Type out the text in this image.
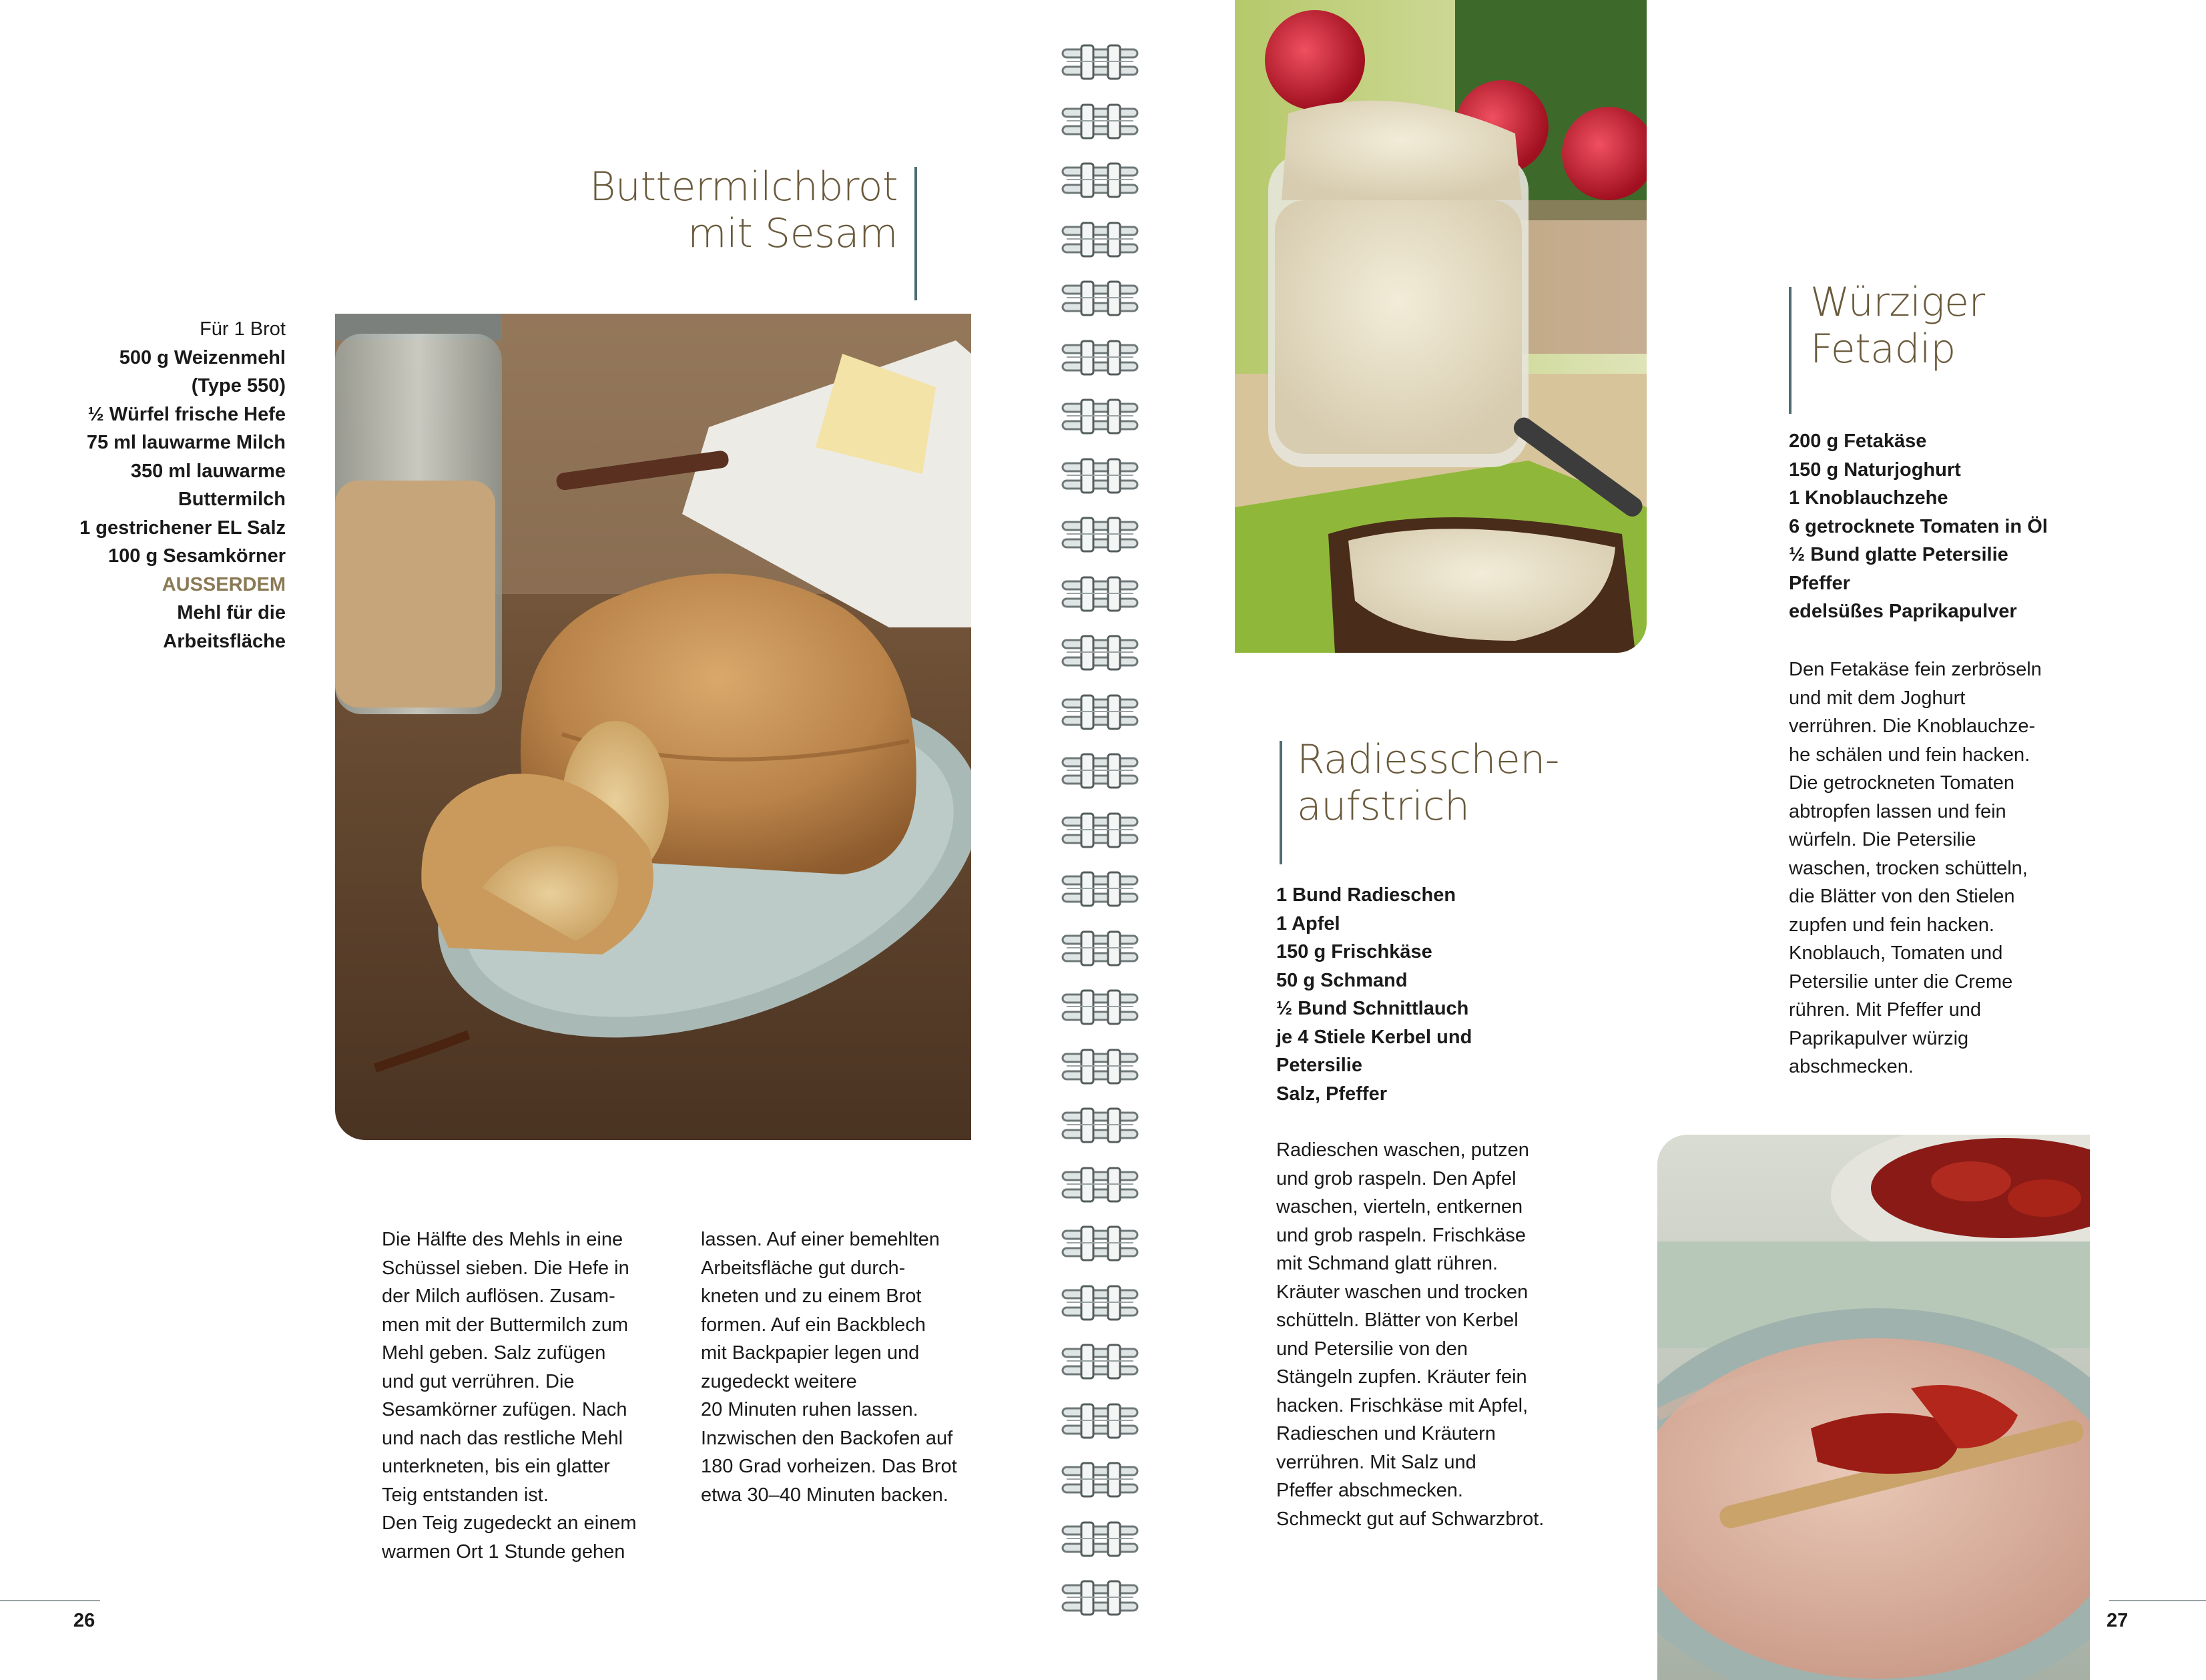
Buttermilchbrot
mit Sesam
Für 1 Brot
500 g Weizenmehl
(Type 550)
½ Würfel frische Hefe
75 ml lauwarme Milch
350 ml lauwarme
Buttermilch
1 gestrichener EL Salz
100 g Sesamkörner
AUSSERDEM
Mehl für die
Arbeitsfläche
Die Hälfte des Mehls in eine
Schüssel sieben. Die Hefe in
der Milch auflösen. Zusam-
men mit der Buttermilch zum
Mehl geben. Salz zufügen
und gut verrühren. Die
Sesamkörner zufügen. Nach
und nach das restliche Mehl
unterkneten, bis ein glatter
Teig entstanden ist.
Den Teig zugedeckt an einem
warmen Ort 1 Stunde gehen
lassen. Auf einer bemehlten
Arbeitsfläche gut durch-
kneten und zu einem Brot
formen. Auf ein Backblech
mit Backpapier legen und
zugedeckt weitere
20 Minuten ruhen lassen.
Inzwischen den Backofen auf
180 Grad vorheizen. Das Brot
etwa 30–40 Minuten backen.
26
Radiesschen-
aufstrich
1 Bund Radieschen
1 Apfel
150 g Frischkäse
50 g Schmand
½ Bund Schnittlauch
je 4 Stiele Kerbel und
Petersilie
Salz, Pfeffer
Radieschen waschen, putzen
und grob raspeln. Den Apfel
waschen, vierteln, entkernen
und grob raspeln. Frischkäse
mit Schmand glatt rühren.
Kräuter waschen und trocken
schütteln. Blätter von Kerbel
und Petersilie von den
Stängeln zupfen. Kräuter fein
hacken. Frischkäse mit Apfel,
Radieschen und Kräutern
verrühren. Mit Salz und
Pfeffer abschmecken.
Schmeckt gut auf Schwarzbrot.
Würziger
Fetadip
200 g Fetakäse
150 g Naturjoghurt
1 Knoblauchzehe
6 getrocknete Tomaten in Öl
½ Bund glatte Petersilie
Pfeffer
edelsüßes Paprikapulver
Den Fetakäse fein zerbröseln
und mit dem Joghurt
verrühren. Die Knoblauchze-
he schälen und fein hacken.
Die getrockneten Tomaten
abtropfen lassen und fein
würfeln. Die Petersilie
waschen, trocken schütteln,
die Blätter von den Stielen
zupfen und fein hacken.
Knoblauch, Tomaten und
Petersilie unter die Creme
rühren. Mit Pfeffer und
Paprikapulver würzig
abschmecken.
27
